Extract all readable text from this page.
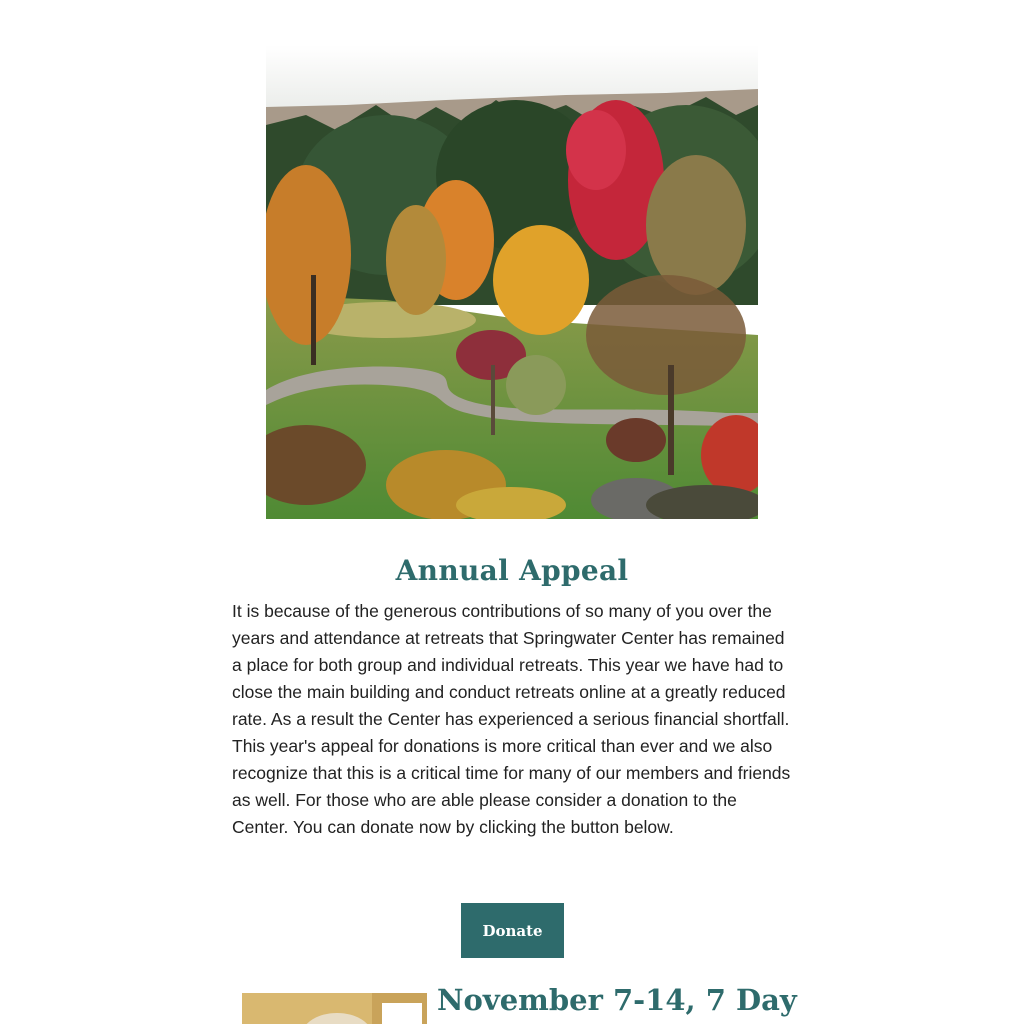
Annual Appeal

It is because of the generous contributions of so many of you over the years and attendance at retreats that Springwater Center has remained a place for both group and individual retreats. This year we have had to close the main building and conduct retreats online at a greatly reduced rate. As a result the Center has experienced a serious financial shortfall. This year's appeal for donations is more critical than ever and we also recognize that this is a critical time for many of our members and friends as well. For those who are able please consider a donation to the Center. You can donate now by clicking the button below.

Donate
November 7-14, 7 Day
